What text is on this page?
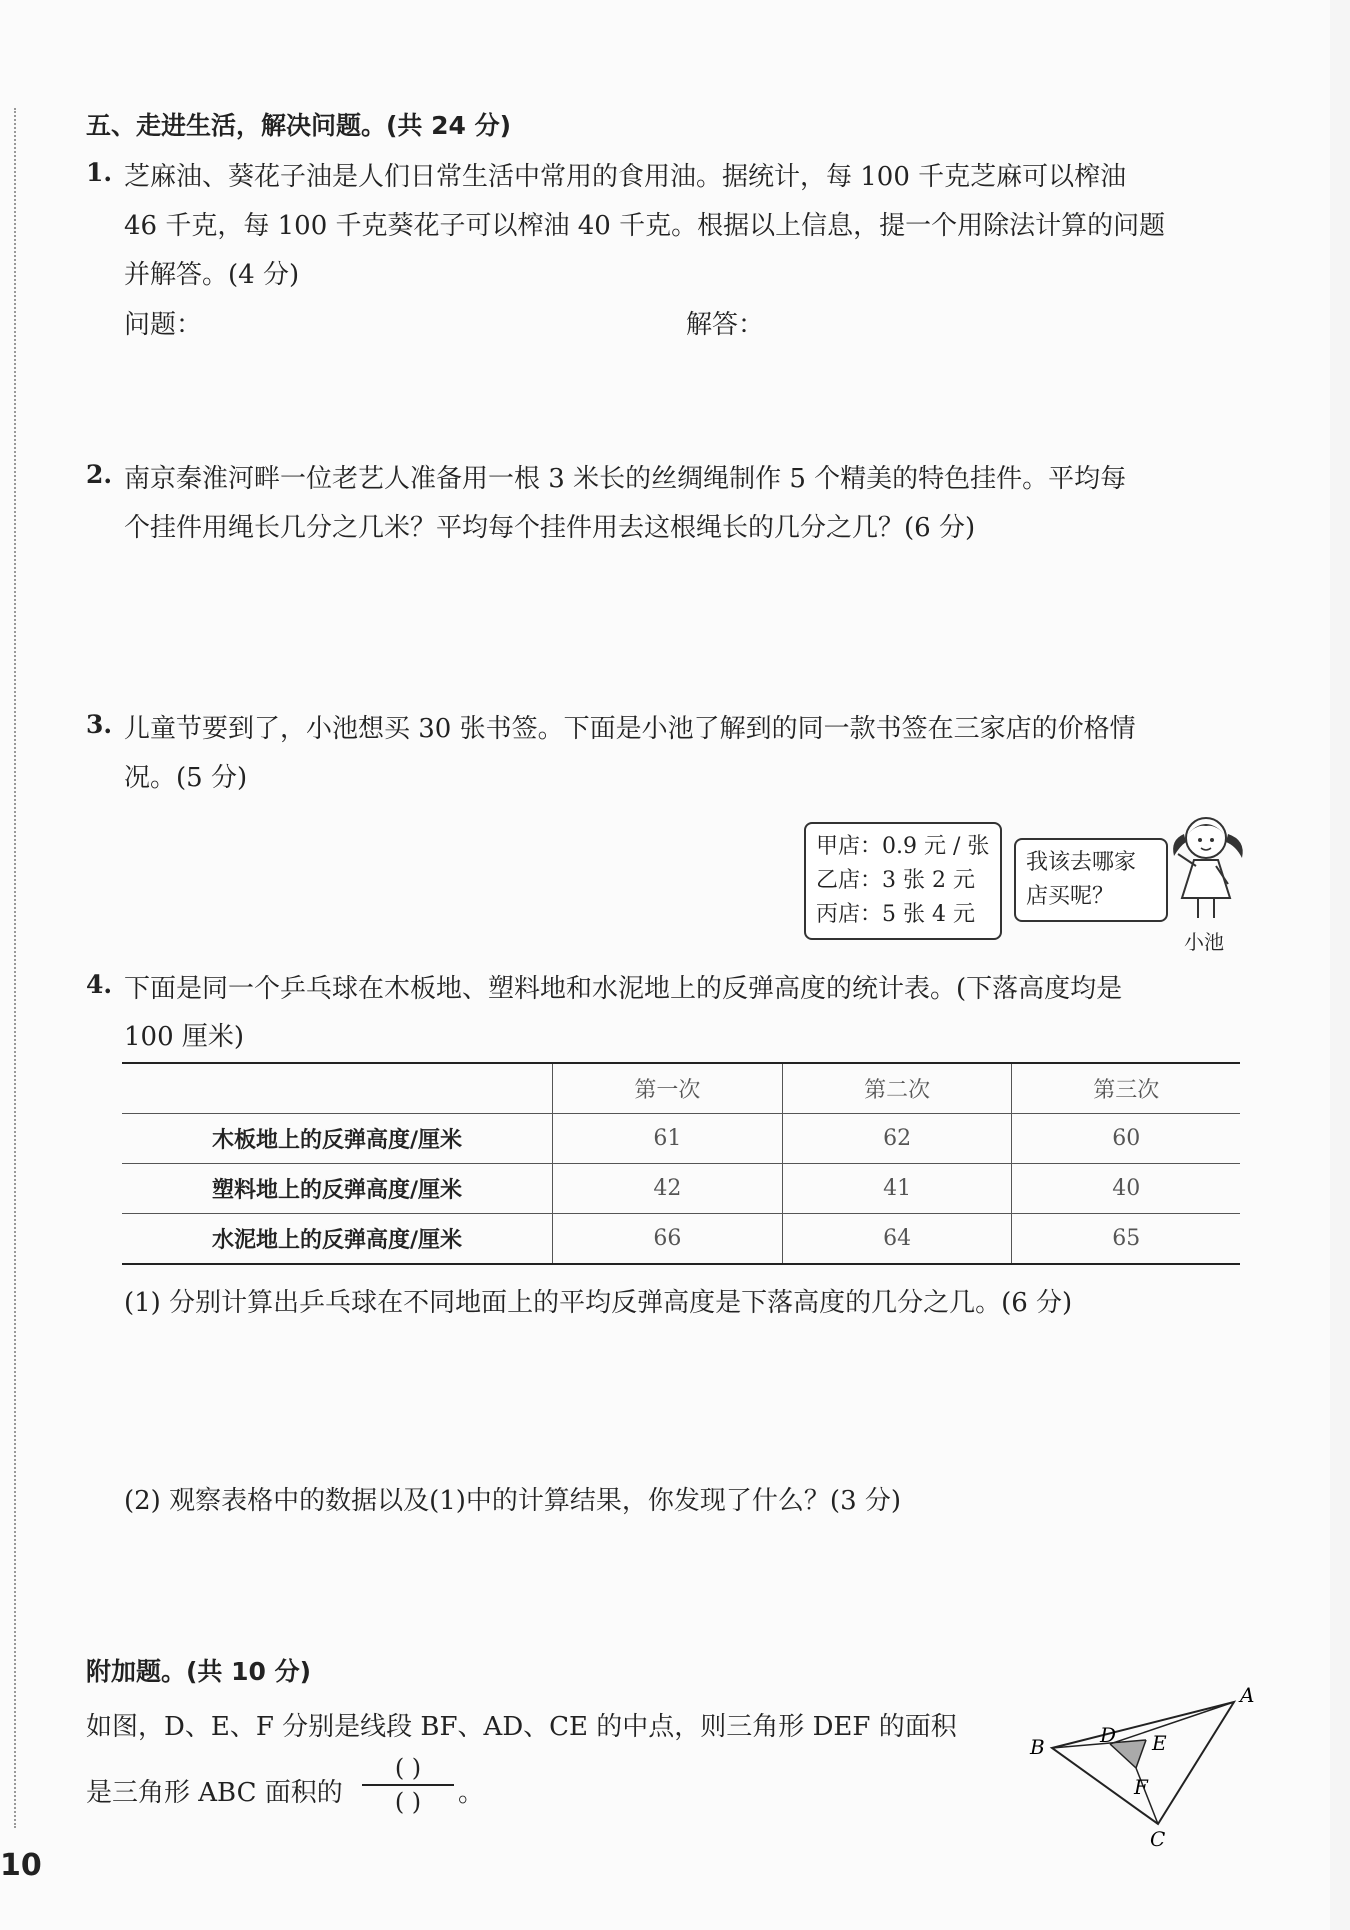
五、走进生活，解决问题。(共 24 分)
1. 芝麻油、葵花子油是人们日常生活中常用的食用油。据统计，每 100 千克芝麻可以榨油
46 千克，每 100 千克葵花子可以榨油 40 千克。根据以上信息，提一个用除法计算的问题
并解答。(4 分)
问题：	解答：
2. 南京秦淮河畔一位老艺人准备用一根 3 米长的丝绸绳制作 5 个精美的特色挂件。平均每
个挂件用绳长几分之几米？平均每个挂件用去这根绳长的几分之几？(6 分)
3. 儿童节要到了，小池想买 30 张书签。下面是小池了解到的同一款书签在三家店的价格情
况。(5 分)
甲店：0.9 元 / 张
乙店：3 张 2 元
丙店：5 张 4 元
我该去哪家
店买呢？
小池
4. 下面是同一个乒乓球在木板地、塑料地和水泥地上的反弹高度的统计表。(下落高度均是
100 厘米)
	第一次	第二次	第三次
木板地上的反弹高度/厘米	61	62	60
塑料地上的反弹高度/厘米	42	41	40
水泥地上的反弹高度/厘米	66	64	65
(1) 分别计算出乒乓球在不同地面上的平均反弹高度是下落高度的几分之几。(6 分)
(2) 观察表格中的数据以及(1)中的计算结果，你发现了什么？(3 分)
附加题。(共 10 分)
如图，D、E、F 分别是线段 BF、AD、CE 的中点，则三角形 DEF 的面积
是三角形 ABC 面积的
( )
( )	。
A
B
C
D E
F
10
